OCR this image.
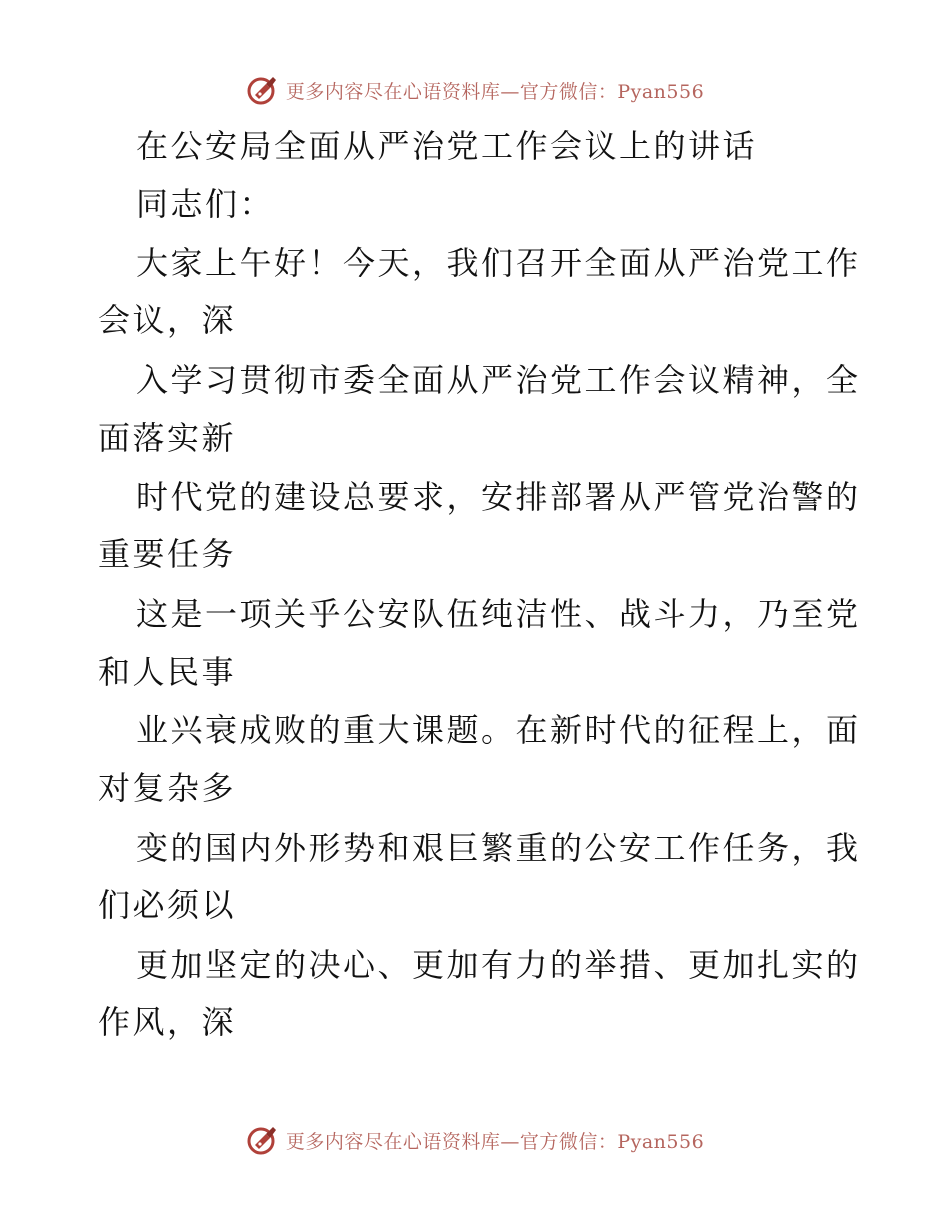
更多内容尽在心语资料库—官方微信：Pyan556
在公安局全面从严治党工作会议上的讲话
同志们：
大家上午好！今天，我们召开全面从严治党工作
会议，深
入学习贯彻市委全面从严治党工作会议精神，全
面落实新
时代党的建设总要求，安排部署从严管党治警的
重要任务
这是一项关乎公安队伍纯洁性、战斗力，乃至党
和人民事
业兴衰成败的重大课题。在新时代的征程上，面
对复杂多
变的国内外形势和艰巨繁重的公安工作任务，我
们必须以
更加坚定的决心、更加有力的举措、更加扎实的
作风，深
更多内容尽在心语资料库—官方微信：Pyan556
